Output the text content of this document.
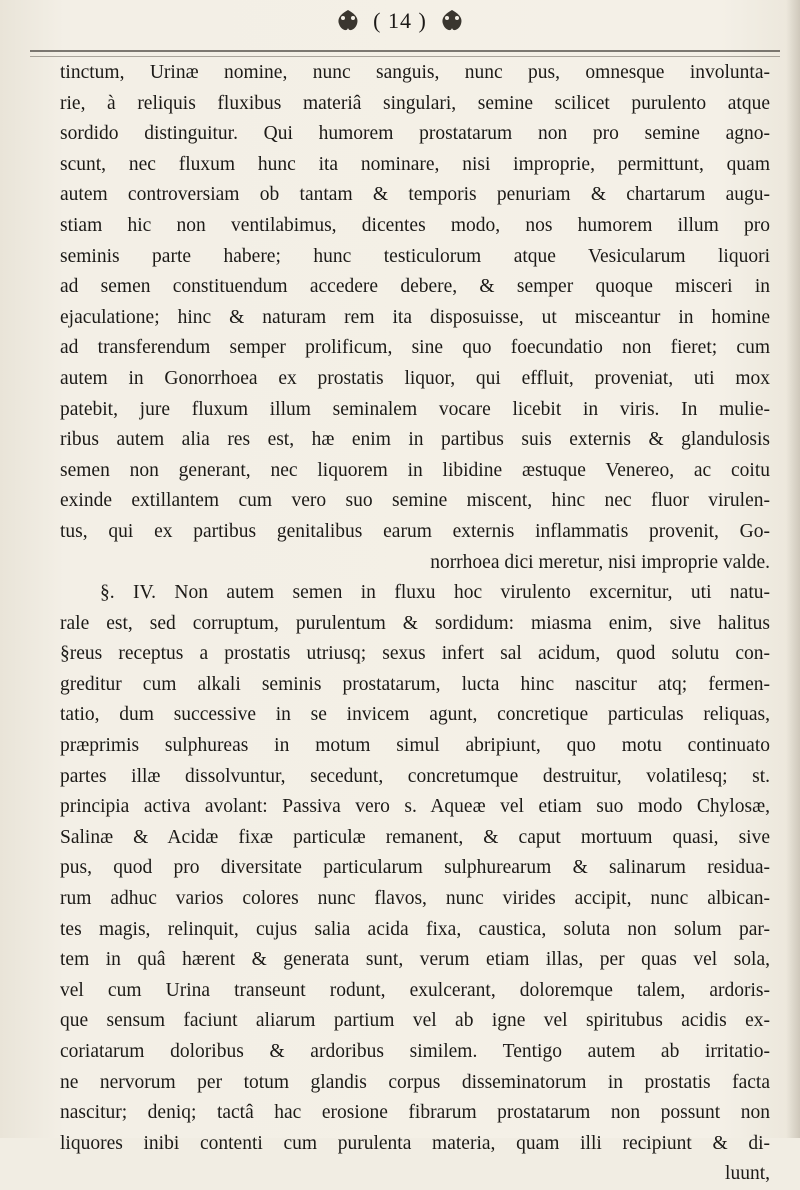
( 14 )
tinctum, Urinæ nomine, nunc sanguis, nunc pus, omnesque involunta-
rie, à reliquis fluxibus materiâ singulari, semine scilicet purulento atque
sordido distinguitur. Qui humorem prostatarum non pro semine agno-
scunt, nec fluxum hunc ita nominare, nisi improprie, permittunt, quam
autem controversiam ob tantam & temporis penuriam & chartarum augu-
stiam hic non ventilabimus, dicentes modo, nos humorem illum pro
seminis parte habere; hunc testiculorum atque Vesicularum liquori
ad semen constituendum accedere debere, & semper quoque misceri in
ejaculatione; hinc & naturam rem ita disposuisse, ut misceantur in homine
ad transferendum semper prolificum, sine quo foecundatio non fieret; cum
autem in Gonorrhoea ex prostatis liquor, qui effluit, proveniat, uti mox
patebit, jure fluxum illum seminalem vocare licebit in viris. In mulie-
ribus autem alia res est, hæ enim in partibus suis externis & glandulosis
semen non generant, nec liquorem in libidine æstuque Venereo, ac coitu
exinde extillantem cum vero suo semine miscent, hinc nec fluor virulen-
tus, qui ex partibus genitalibus earum externis inflammatis provenit, Go-
norrhoea dici meretur, nisi improprie valde.
§. IV. Non autem semen in fluxu hoc virulento excernitur, uti natu-
rale est, sed corruptum, purulentum & sordidum: miasma enim, sive halitus
§reus receptus a prostatis utriusq; sexus infert sal acidum, quod solutu con-
greditur cum alkali seminis prostatarum, lucta hinc nascitur atq; fermen-
tatio, dum successive in se invicem agunt, concretique particulas reliquas,
præprimis sulphureas in motum simul abripiunt, quo motu continuato
partes illæ dissolvuntur, secedunt, concretumque destruitur, volatilesq; st.
principia activa avolant: Passiva vero s. Aqueæ vel etiam suo modo Chylosæ,
Salinæ & Acidæ fixæ particulæ remanent, & caput mortuum quasi, sive
pus, quod pro diversitate particularum sulphurearum & salinarum residua-
rum adhuc varios colores nunc flavos, nunc virides accipit, nunc albican-
tes magis, relinquit, cujus salia acida fixa, caustica, soluta non solum par-
tem in quâ hærent & generata sunt, verum etiam illas, per quas vel sola,
vel cum Urina transeunt rodunt, exulcerant, doloremque talem, ardoris-
que sensum faciunt aliarum partium vel ab igne vel spiritubus acidis ex-
coriatarum doloribus & ardoribus similem. Tentigo autem ab irritatio-
ne nervorum per totum glandis corpus disseminatorum in prostatis facta
nascitur; deniq; tactâ hac erosione fibrarum prostatarum non possunt non
liquores inibi contenti cum purulenta materia, quam illi recipiunt & di-
luunt,
